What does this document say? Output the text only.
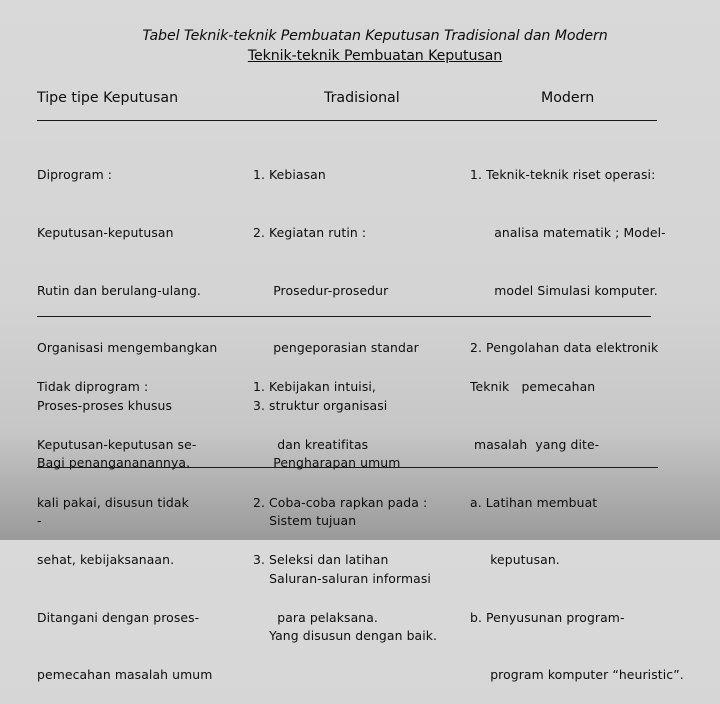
Tabel Teknik-teknik Pembuatan Keputusan Tradisional dan Modern
Teknik-teknik Pembuatan Keputusan
Tipe tipe Keputusan	Tradisional	Modern

Diprogram :

Keputusan-keputusan

Rutin dan berulang-ulang.

Organisasi mengembangkan

Proses-proses khusus

Bagi penangananannya.

-

1. Kebiasan

2. Kegiatan rutin :

Prosedur-prosedur

pengeporasian standar

3. struktur organisasi

Pengharapan umum

Sistem tujuan

Saluran-saluran informasi

Yang disusun dengan baik.

1. Teknik-teknik riset operasi:

analisa matematik ; Model-

model Simulasi komputer.

2. Pengolahan data elektronik

Tidak diprogram :

Keputusan-keputusan se-

kali pakai, disusun tidak

sehat, kebijaksanaan.

Ditangani dengan proses-

pemecahan masalah umum

1. Kebijakan intuisi,

dan kreatifitas

2. Coba-coba rapkan pada :

3. Seleksi dan latihan

para pelaksana.

Teknik   pemecahan

masalah  yang dite-

a. Latihan membuat

keputusan.

b. Penyusunan program-

program komputer “heuristic”.
